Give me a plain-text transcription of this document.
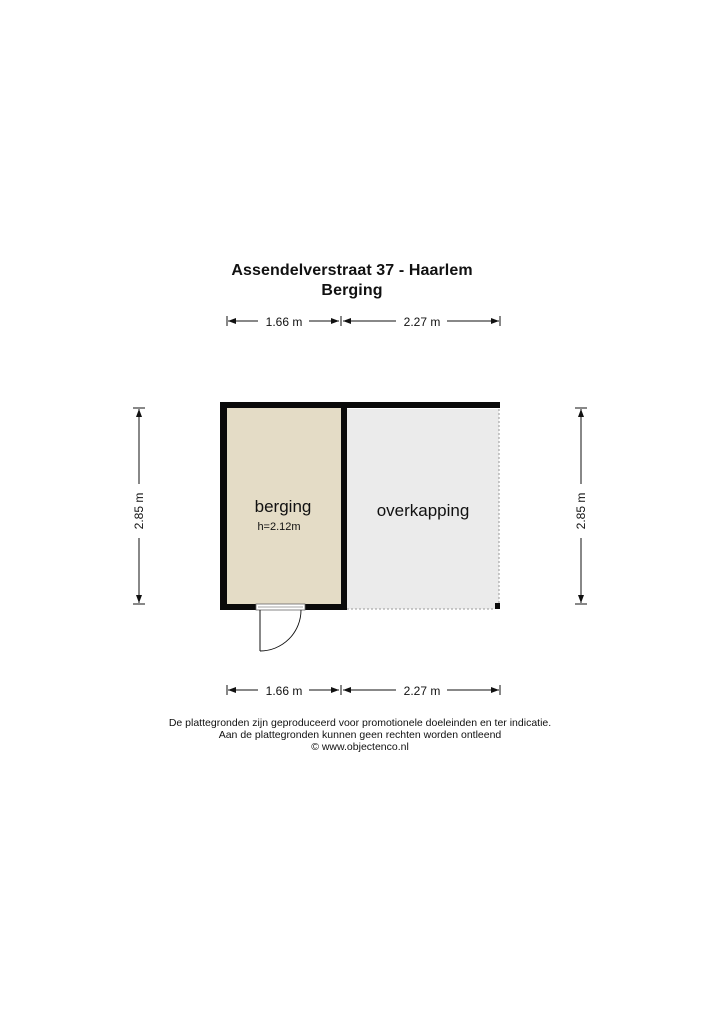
Assendelverstraat 37 - Haarlem
Berging
1.66 m	2.27 m
2.85 m	2.85 m
overkapping
berging
h=2.12m
1.66 m	2.27 m
De plattegronden zijn geproduceerd voor promotionele doeleinden en ter indicatie.
Aan de plattegronden kunnen geen rechten worden ontleend
© www.objectenco.nl
